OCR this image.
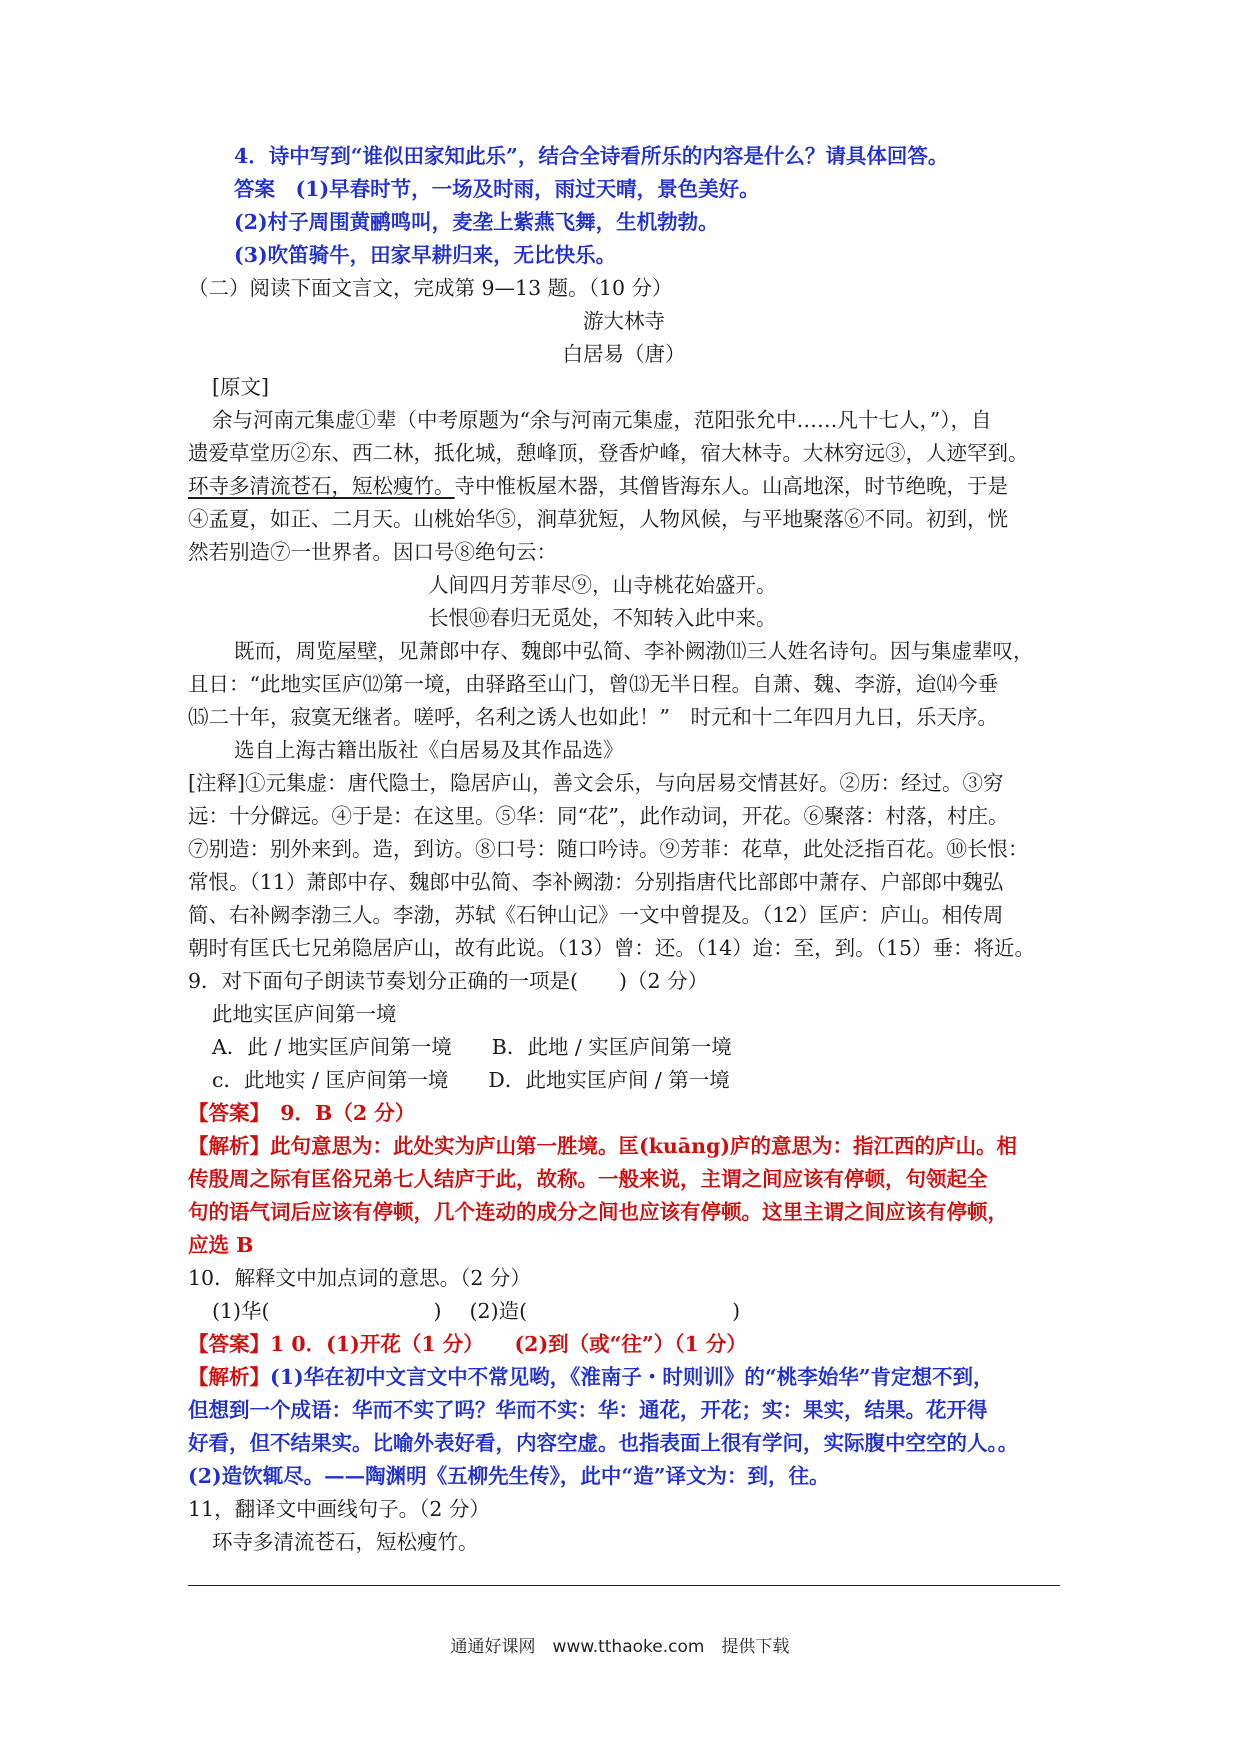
4．诗中写到“谁似田家知此乐”，结合全诗看所乐的内容是什么？请具体回答。
答案　(1)早春时节，一场及时雨，雨过天晴，景色美好。
(2)村子周围黄鹂鸣叫，麦垄上紫燕飞舞，生机勃勃。
(3)吹笛骑牛，田家早耕归来，无比快乐。
（二）阅读下面文言文，完成第 9—13 题。（10 分）
游大林寺
白居易（唐）
[原文]
余与河南元集虚①辈（中考原题为“余与河南元集虚，范阳张允中……凡十七人，”），自
遗爱草堂历②东、西二林，抵化城，憩峰顶，登香炉峰，宿大林寺。大林穷远③，人迹罕到。
环寺多清流苍石，短松瘦竹。寺中惟板屋木器，其僧皆海东人。山高地深，时节绝晚，于是
④孟夏，如正、二月天。山桃始华⑤，涧草犹短，人物风候，与平地聚落⑥不同。初到，恍
然若别造⑦一世界者。因口号⑧绝句云：
人间四月芳菲尽⑨，山寺桃花始盛开。
长恨⑩春归无觅处，不知转入此中来。
既而，周览屋壁，见萧郎中存、魏郎中弘简、李补阙渤⑾三人姓名诗句。因与集虚辈叹，
且日：“此地实匡庐⑿第一境，由驿路至山门，曾⒀无半日程。自萧、魏、李游，迨⒁今垂
⒂二十年，寂寞无继者。嗟呼，名利之诱人也如此！”　时元和十二年四月九日，乐天序。
选自上海古籍出版社《白居易及其作品选》
[注释]①元集虚：唐代隐士，隐居庐山，善文会乐，与向居易交情甚好。②历：经过。③穷
远：十分僻远。④于是：在这里。⑤华：同“花”，此作动词，开花。⑥聚落：村落，村庄。
⑦别造：别外来到。造，到访。⑧口号：随口吟诗。⑨芳菲：花草，此处泛指百花。⑩长恨：
常恨。（11）萧郎中存、魏郎中弘简、李补阙渤：分别指唐代比部郎中萧存、户部郎中魏弘
简、右补阙李渤三人。李渤，苏轼《石钟山记》一文中曾提及。（12）匡庐：庐山。相传周
朝时有匡氏七兄弟隐居庐山，故有此说。（13）曾：还。（14）迨：至，到。（15）垂：将近。
9．对下面句子朗读节奏划分正确的一项是(　　)（2 分）
此地实匡庐间第一境
A．此 / 地实匡庐间第一境 B．此地 / 实匡庐间第一境
c．此地实 / 匡庐间第一境 D．此地实匡庐间 / 第一境
【答案】　9．B（2 分）
【解析】此句意思为：此处实为庐山第一胜境。匡(kuāng)庐的意思为：指江西的庐山。相
传殷周之际有匡俗兄弟七人结庐于此，故称。一般来说，主谓之间应该有停顿，句领起全
句的语气词后应该有停顿，几个连动的成分之间也应该有停顿。这里主谓之间应该有停顿，
应选 B
10．解释文中加点词的意思。（2 分）
(1)华(　　　　　　　　) (2)造(　　　　　　　　　　)
【答案】1 0．(1)开花（1 分）　　(2)到（或“往”）（1 分）
【解析】(1)华在初中文言文中不常见哟，《淮南子・时则训》的“桃李始华”肯定想不到，
但想到一个成语：华而不实了吗？华而不实：华：通花，开花；实：果实，结果。花开得
好看，但不结果实。比喻外表好看，内容空虚。也指表面上很有学问，实际腹中空空的人。。
(2)造饮辄尽。——陶渊明《五柳先生传》，此中“造”译文为：到，往。
11，翻译文中画线句子。（2 分）
环寺多清流苍石，短松瘦竹。
通通好课网　www.tthaoke.com　提供下载
